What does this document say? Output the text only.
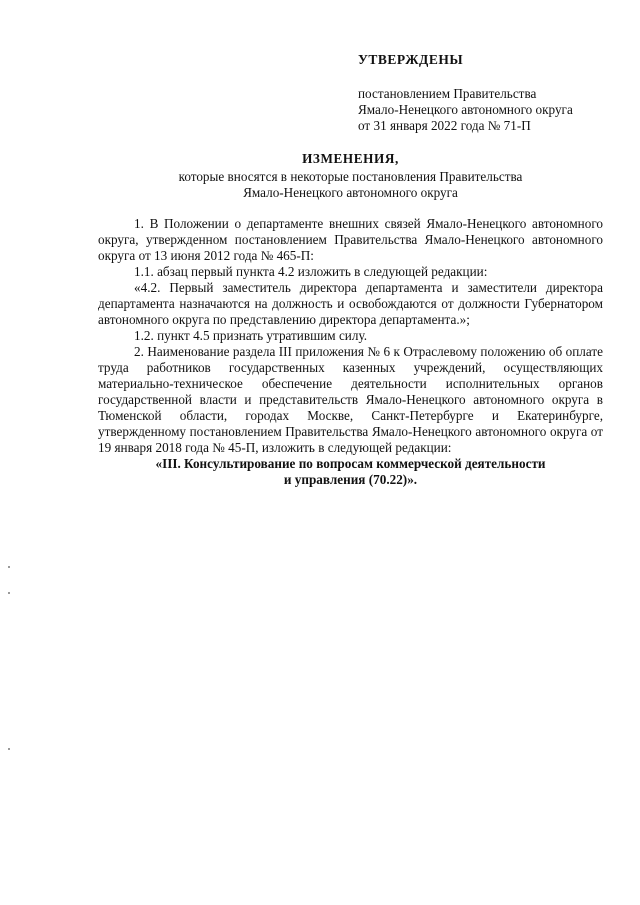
УТВЕРЖДЕНЫ
постановлением Правительства
Ямало-Ненецкого автономного округа
от 31 января 2022 года № 71-П
ИЗМЕНЕНИЯ,
которые вносятся в некоторые постановления Правительства
Ямало-Ненецкого автономного округа

1. В Положении о департаменте внешних связей Ямало-Ненецкого автономного округа, утвержденном постановлением Правительства Ямало-Ненецкого автономного округа от 13 июня 2012 года № 465-П:

1.1. абзац первый пункта 4.2 изложить в следующей редакции:

«4.2. Первый заместитель директора департамента и заместители директора департамента назначаются на должность и освобождаются от должности Губернатором автономного округа по представлению директора департамента.»;

1.2. пункт 4.5 признать утратившим силу.

2. Наименование раздела III приложения № 6 к Отраслевому положению об оплате труда работников государственных казенных учреждений, осуществляющих материально-техническое обеспечение деятельности исполнительных органов государственной власти и представительств Ямало-Ненецкого автономного округа в Тюменской области, городах Москве, Санкт-Петербурге и Екатеринбурге, утвержденному постановлением Правительства Ямало-Ненецкого автономного округа от 19 января 2018 года № 45-П, изложить в следующей редакции:

«III. Консультирование по вопросам коммерческой деятельности

и управления (70.22)».
